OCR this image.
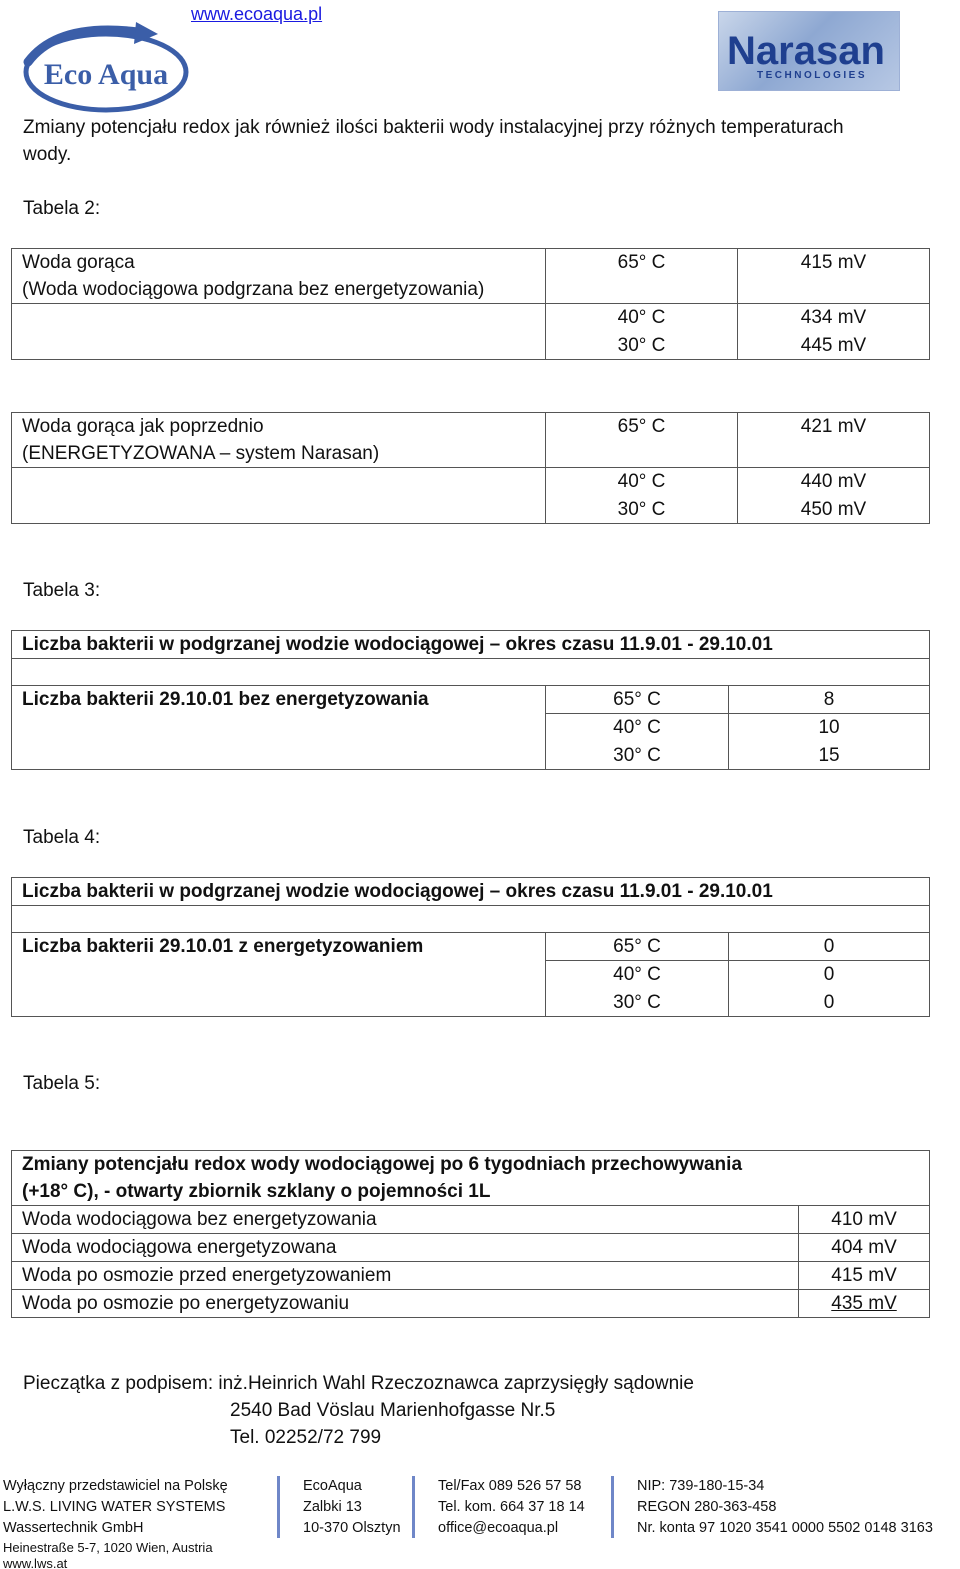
Eco Aqua
www.ecoaqua.pl
Narasan
TECHNOLOGIES
Zmiany potencjału redox jak również ilości bakterii wody instalacyjnej przy różnych temperaturach
wody.
Tabela 2:
Woda gorąca
(Woda wodociągowa podgrzana bez energetyzowania)	65° C	415 mV
	40° C	434 mV
	30° C	445 mV
Woda gorąca jak poprzednio
(ENERGETYZOWANA – system Narasan)	65° C	421 mV
	40° C	440 mV
	30° C	450 mV
Tabela 3:
Liczba bakterii w podgrzanej wodzie wodociągowej – okres czasu 11.9.01 - 29.10.01		

Liczba bakterii 29.10.01 bez energetyzowania	65° C	8
	40° C	10
	30° C	15
Tabela 4:
Liczba bakterii w podgrzanej wodzie wodociągowej – okres czasu 11.9.01 - 29.10.01		

Liczba bakterii 29.10.01 z energetyzowaniem	65° C	0
	40° C	0
	30° C	0
Tabela 5:
Zmiany potencjału redox wody wodociągowej po 6 tygodniach przechowywania
(+18° C), - otwarty zbiornik szklany o pojemności 1L	

Woda wodociągowa bez energetyzowania	410 mV
Woda wodociągowa energetyzowana	404 mV
Woda po osmozie przed energetyzowaniem	415 mV
Woda po osmozie po energetyzowaniu	435 mV
Pieczątka z podpisem: inż.Heinrich Wahl Rzeczoznawca zaprzysięgły sądownie
2540 Bad Vöslau Marienhofgasse Nr.5
Tel. 02252/72 799
Wyłączny przedstawiciel na Polskę
L.W.S. LIVING WATER SYSTEMS
Wassertechnik GmbH
Heinestraße 5-7, 1020 Wien, Austria
www.lws.at
EcoAqua
Zalbki 13
10-370 Olsztyn
Tel/Fax 089 526 57 58
Tel. kom. 664 37 18 14
office@ecoaqua.pl
NIP: 739-180-15-34
REGON 280-363-458
Nr. konta 97 1020 3541 0000 5502 0148 3163
